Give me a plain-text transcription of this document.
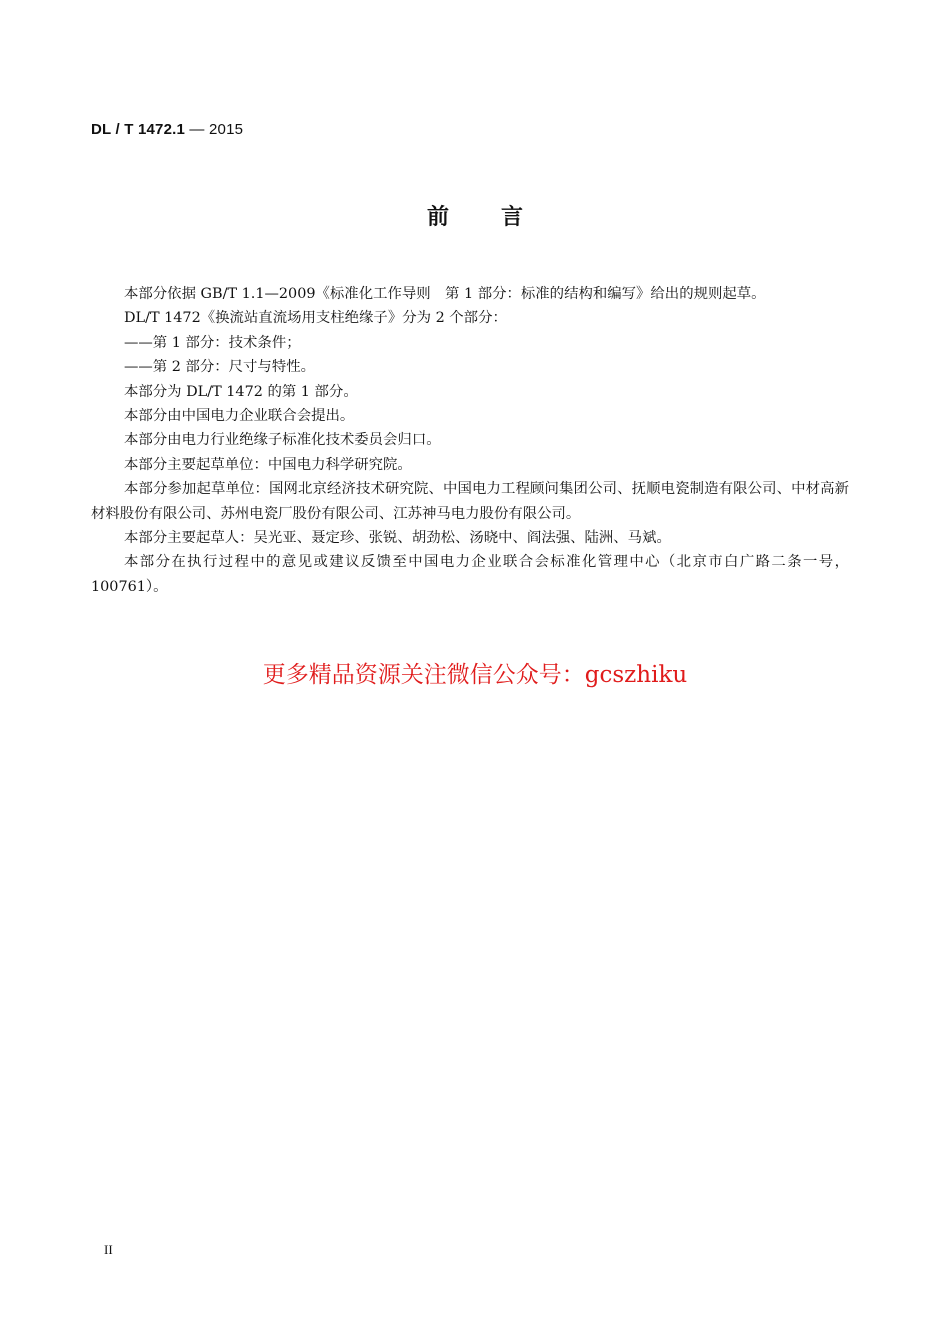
DL / T 1472.1 — 2015
前言

本部分依据 GB/T 1.1—2009《标准化工作导则　第 1 部分：标准的结构和编写》给出的规则起草。

DL/T 1472《换流站直流场用支柱绝缘子》分为 2 个部分：

——第 1 部分：技术条件；

——第 2 部分：尺寸与特性。

本部分为 DL/T 1472 的第 1 部分。

本部分由中国电力企业联合会提出。

本部分由电力行业绝缘子标准化技术委员会归口。

本部分主要起草单位：中国电力科学研究院。

本部分参加起草单位：国网北京经济技术研究院、中国电力工程顾问集团公司、抚顺电瓷制造有限公司、中材高新材料股份有限公司、苏州电瓷厂股份有限公司、江苏神马电力股份有限公司。

本部分主要起草人：吴光亚、聂定珍、张锐、胡劲松、汤晓中、阎法强、陆洲、马斌。

本部分在执行过程中的意见或建议反馈至中国电力企业联合会标准化管理中心（北京市白广路二条一号，100761）。

更多精品资源关注微信公众号：gcszhiku
II
